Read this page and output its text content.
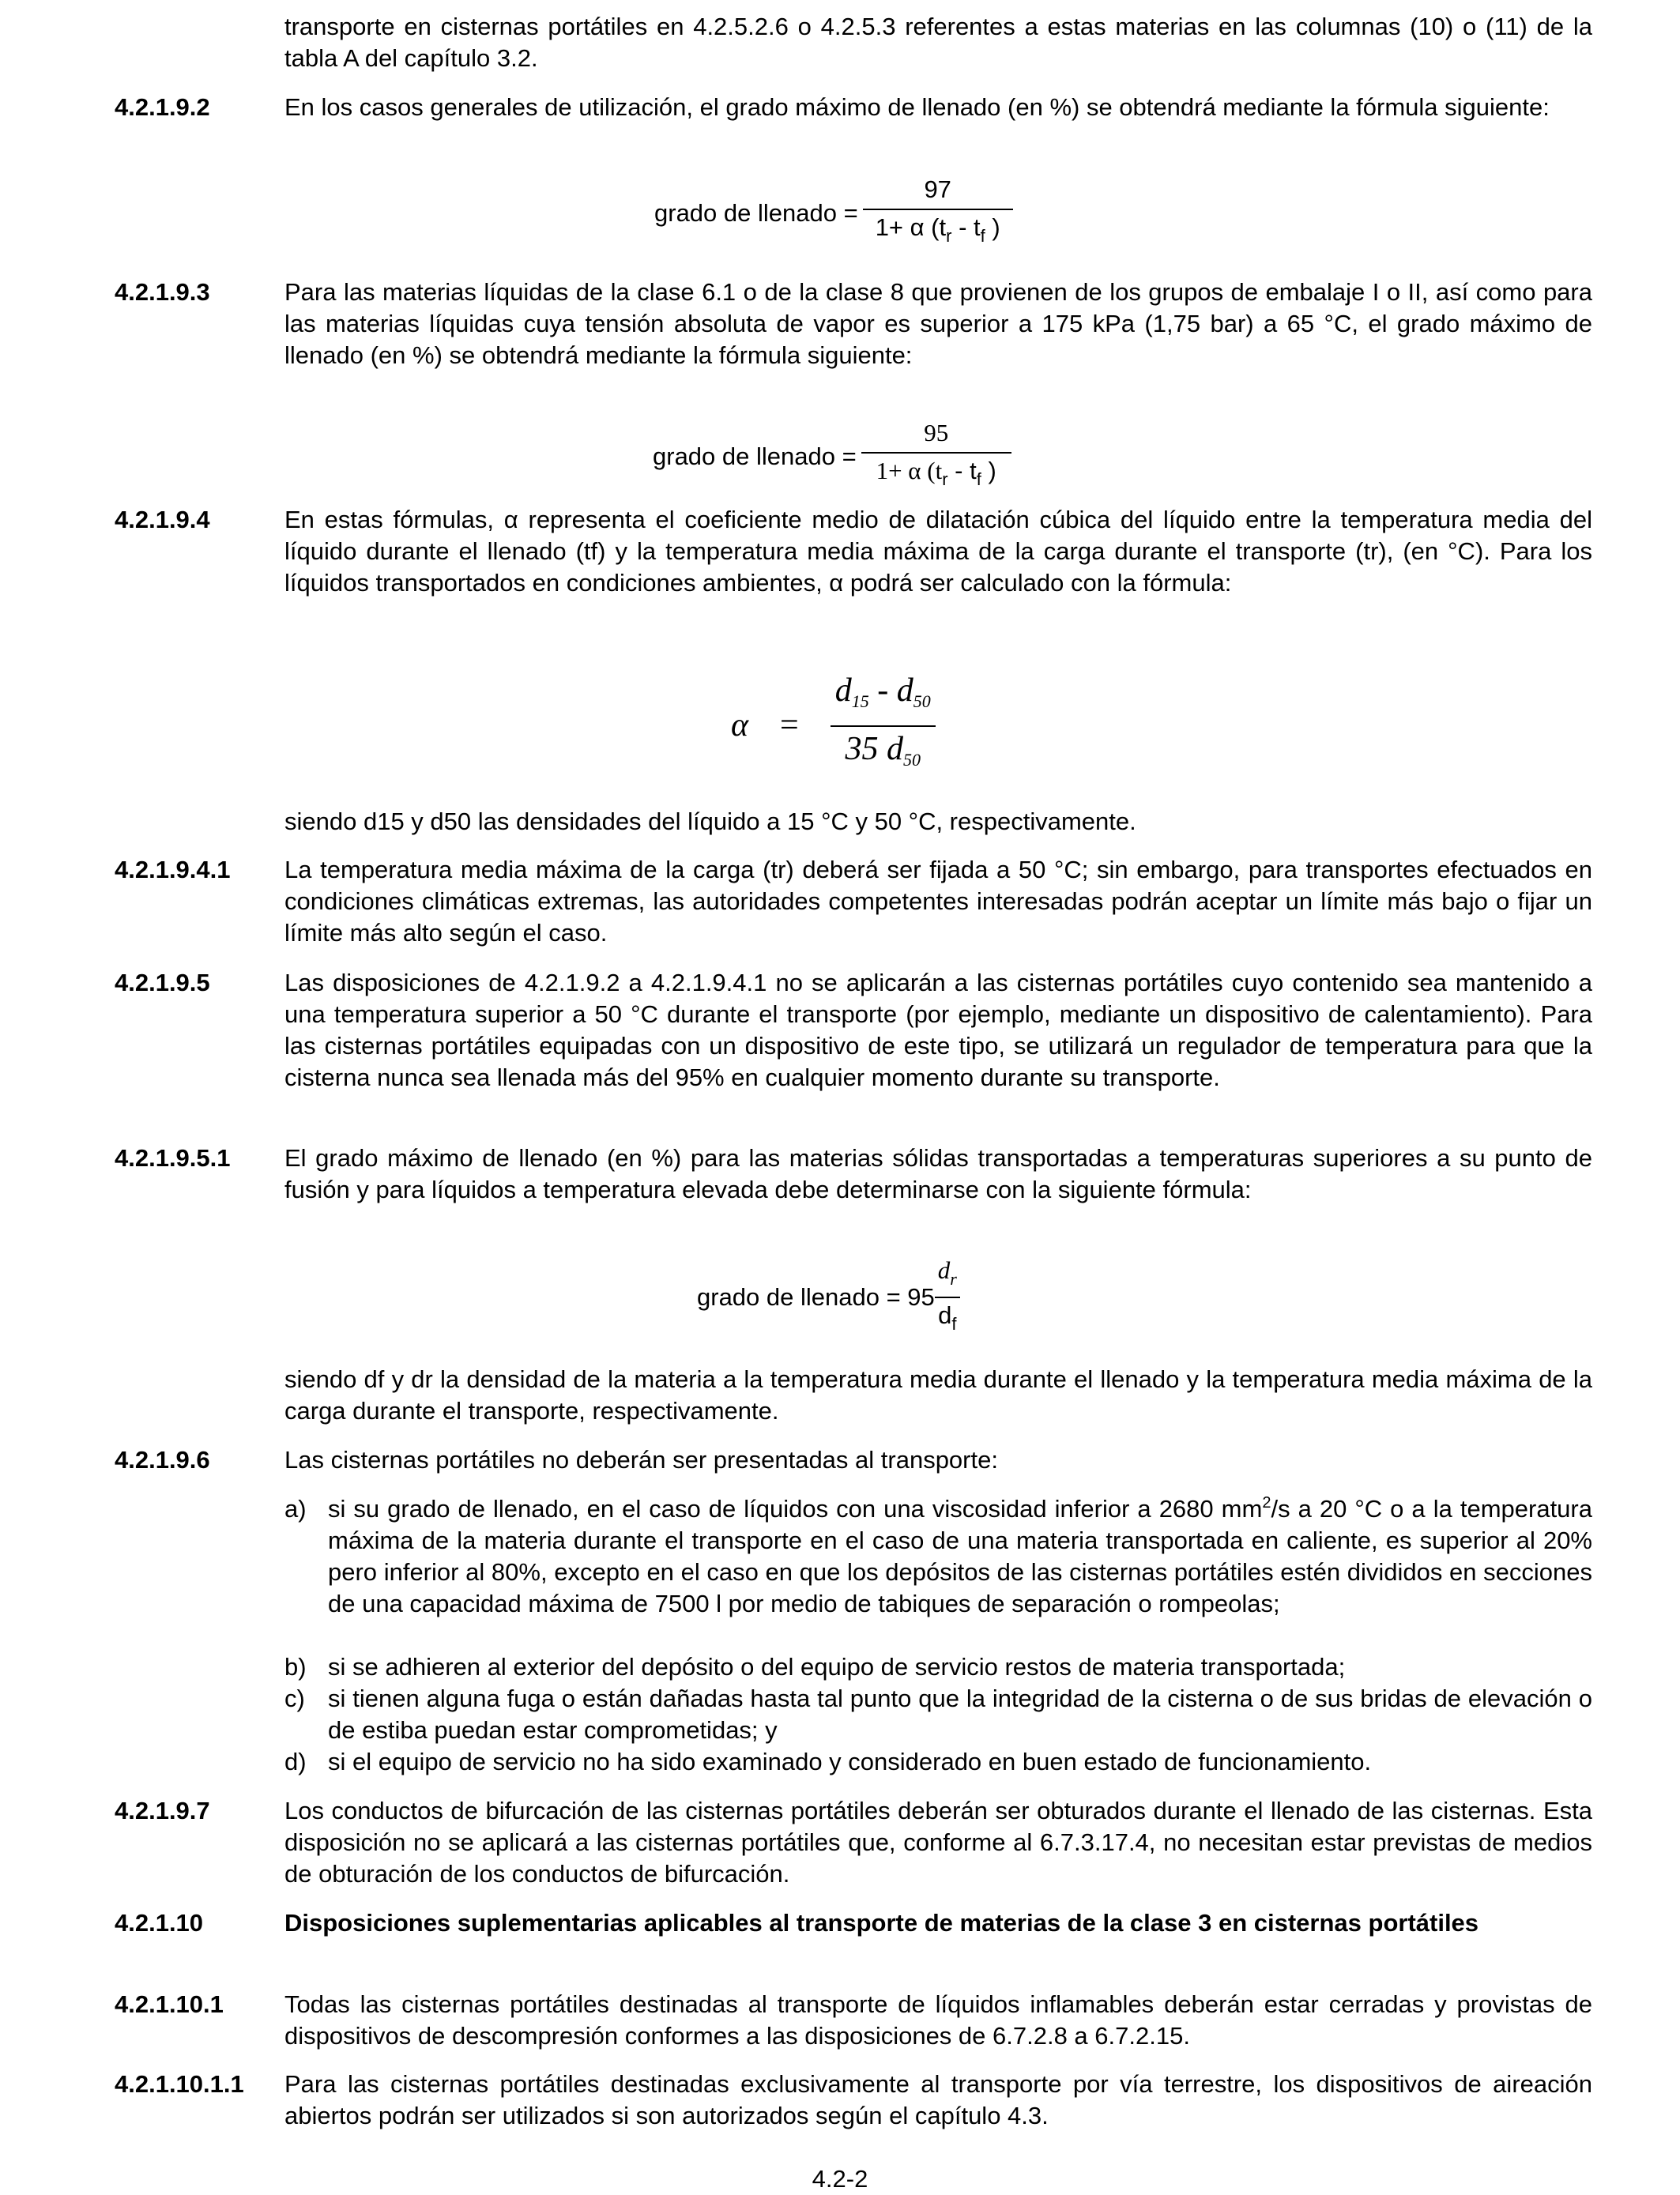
transporte en cisternas portátiles en 4.2.5.2.6 o 4.2.5.3 referentes a estas materias en las columnas (10) o (11) de la tabla A del capítulo 3.2.
4.2.1.9.2	En los casos generales de utilización, el grado máximo de llenado (en %) se obtendrá mediante la fórmula siguiente:
grado de llenado = $\frac{97}{1+ \alpha (t_r - t_f )}$
4.2.1.9.3	Para las materias líquidas de la clase 6.1 o de la clase 8 que provienen de los grupos de embalaje I o II, así como para las materias líquidas cuya tensión absoluta de vapor es superior a 175 kPa (1,75 bar) a 65 °C, el grado máximo de llenado (en %) se obtendrá mediante la fórmula siguiente:
grado de llenado = $\frac{95}{1+ \alpha (t_r - t_f )}$
4.2.1.9.4	En estas fórmulas, α representa el coeficiente medio de dilatación cúbica del líquido entre la temperatura media del líquido durante el llenado (tf) y la temperatura media máxima de la carga durante el transporte (tr), (en °C). Para los líquidos transportados en condiciones ambientes, α podrá ser calculado con la fórmula:
$\alpha = \frac{d_{15} - d_{50}}{35 d_{50}}$
siendo d15 y d50 las densidades del líquido a 15 °C y 50 °C, respectivamente.
4.2.1.9.4.1	La temperatura media máxima de la carga (tr) deberá ser fijada a 50 °C; sin embargo, para transportes efectuados en condiciones climáticas extremas, las autoridades competentes interesadas podrán aceptar un límite más bajo o fijar un límite más alto según el caso.
4.2.1.9.5	Las disposiciones de 4.2.1.9.2 a 4.2.1.9.4.1 no se aplicarán a las cisternas portátiles cuyo contenido sea mantenido a una temperatura superior a 50 °C durante el transporte (por ejemplo, mediante un dispositivo de calentamiento). Para las cisternas portátiles equipadas con un dispositivo de este tipo, se utilizará un regulador de temperatura para que la cisterna nunca sea llenada más del 95% en cualquier momento durante su transporte.
4.2.1.9.5.1	El grado máximo de llenado (en %) para las materias sólidas transportadas a temperaturas superiores a su punto de fusión y para líquidos a temperatura elevada debe determinarse con la siguiente fórmula:
grado de llenado = $95 \frac{d_r}{d_f}$
siendo df y dr la densidad de la materia a la temperatura media durante el llenado y la temperatura media máxima de la carga durante el transporte, respectivamente.
4.2.1.9.6	Las cisternas portátiles no deberán ser presentadas al transporte:
a) si su grado de llenado, en el caso de líquidos con una viscosidad inferior a 2680 $mm^2/s$ a 20 °C o a la temperatura máxima de la materia durante el transporte en el caso de una materia transportada en caliente, es superior al 20% pero inferior al 80%, excepto en el caso en que los depósitos de las cisternas portátiles estén divididos en secciones de una capacidad máxima de 7500 l por medio de tabiques de separación o rompeolas;
b) si se adhieren al exterior del depósito o del equipo de servicio restos de materia transportada;
c) si tienen alguna fuga o están dañadas hasta tal punto que la integridad de la cisterna o de sus bridas de elevación o de estiba puedan estar comprometidas; y
d) si el equipo de servicio no ha sido examinado y considerado en buen estado de funcionamiento.
4.2.1.9.7	Los conductos de bifurcación de las cisternas portátiles deberán ser obturados durante el llenado de las cisternas. Esta disposición no se aplicará a las cisternas portátiles que, conforme al 6.7.3.17.4, no necesitan estar previstas de medios de obturación de los conductos de bifurcación.
4.2.1.10	Disposiciones suplementarias aplicables al transporte de materias de la clase 3 en cisternas portátiles
4.2.1.10.1	Todas las cisternas portátiles destinadas al transporte de líquidos inflamables deberán estar cerradas y provistas de dispositivos de descompresión conformes a las disposiciones de 6.7.2.8 a 6.7.2.15.
4.2.1.10.1.1	Para las cisternas portátiles destinadas exclusivamente al transporte por vía terrestre, los dispositivos de aireación abiertos podrán ser utilizados si son autorizados según el capítulo 4.3.
4.2-2
